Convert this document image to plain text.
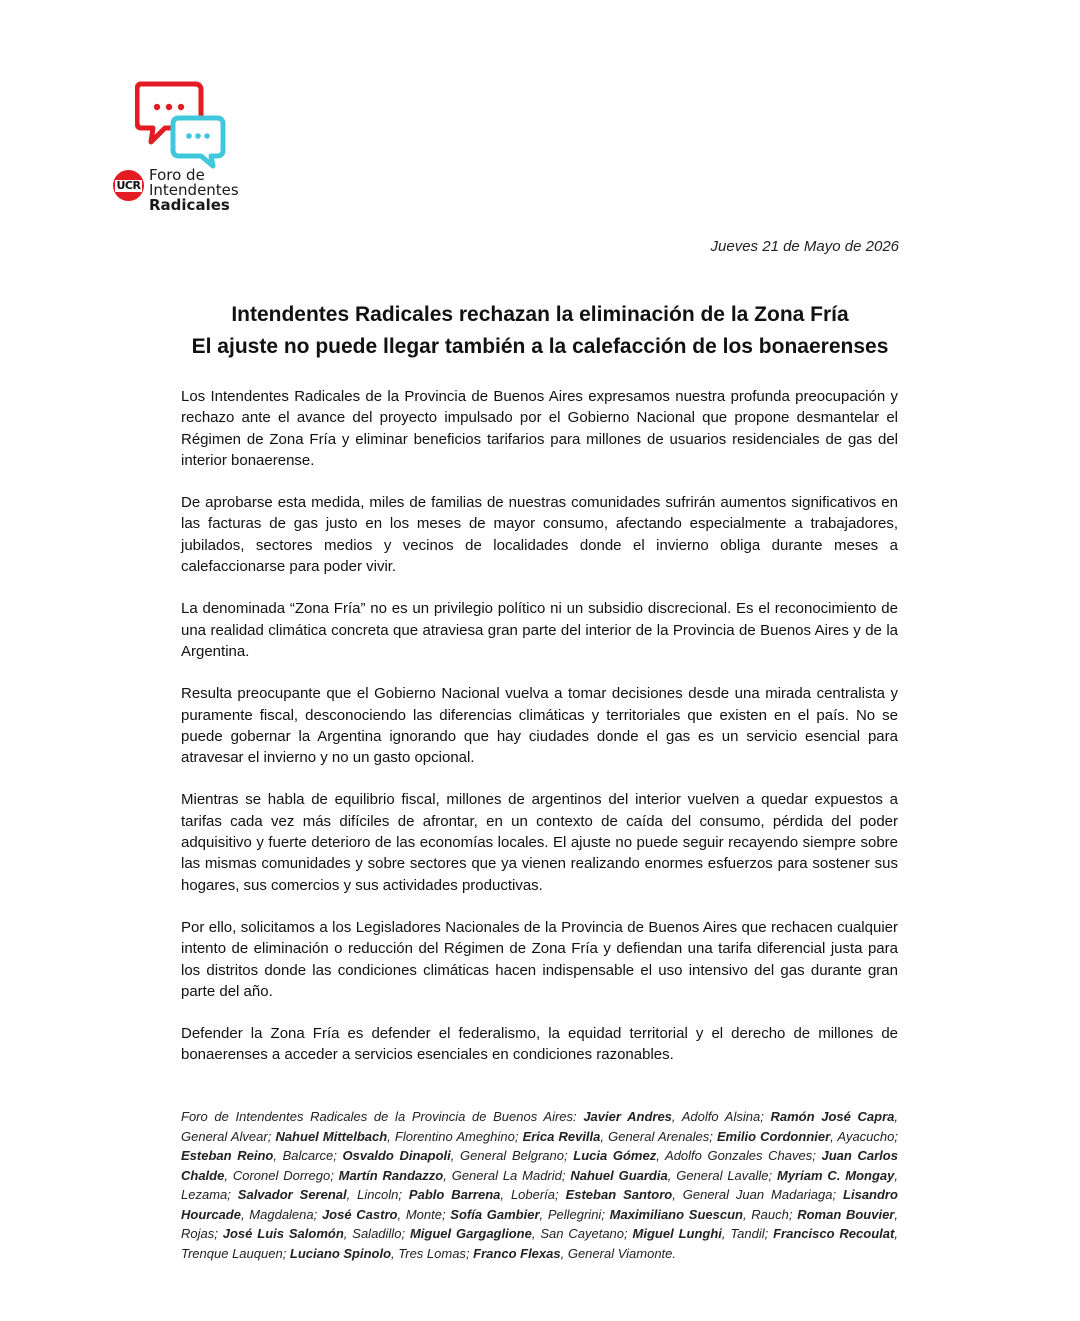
UCR
Foro de
Intendentes
Radicales
Jueves 21 de Mayo de 2026
Intendentes Radicales rechazan la eliminación de la Zona Fría
El ajuste no puede llegar también a la calefacción de los bonaerenses

Los Intendentes Radicales de la Provincia de Buenos Aires expresamos nuestra profunda preocupación y rechazo ante el avance del proyecto impulsado por el Gobierno Nacional que propone desmantelar el Régimen de Zona Fría y eliminar beneficios tarifarios para millones de usuarios residenciales de gas del interior bonaerense.

De aprobarse esta medida, miles de familias de nuestras comunidades sufrirán aumentos significativos en las facturas de gas justo en los meses de mayor consumo, afectando especialmente a trabajadores, jubilados, sectores medios y vecinos de localidades donde el invierno obliga durante meses a calefaccionarse para poder vivir.

La denominada “Zona Fría” no es un privilegio político ni un subsidio discrecional. Es el reconocimiento de una realidad climática concreta que atraviesa gran parte del interior de la Provincia de Buenos Aires y de la Argentina.

Resulta preocupante que el Gobierno Nacional vuelva a tomar decisiones desde una mirada centralista y puramente fiscal, desconociendo las diferencias climáticas y territoriales que existen en el país. No se puede gobernar la Argentina ignorando que hay ciudades donde el gas es un servicio esencial para atravesar el invierno y no un gasto opcional.

Mientras se habla de equilibrio fiscal, millones de argentinos del interior vuelven a quedar expuestos a tarifas cada vez más difíciles de afrontar, en un contexto de caída del consumo, pérdida del poder adquisitivo y fuerte deterioro de las economías locales. El ajuste no puede seguir recayendo siempre sobre las mismas comunidades y sobre sectores que ya vienen realizando enormes esfuerzos para sostener sus hogares, sus comercios y sus actividades productivas.

Por ello, solicitamos a los Legisladores Nacionales de la Provincia de Buenos Aires que rechacen cualquier intento de eliminación o reducción del Régimen de Zona Fría y defiendan una tarifa diferencial justa para los distritos donde las condiciones climáticas hacen indispensable el uso intensivo del gas durante gran parte del año.

Defender la Zona Fría es defender el federalismo, la equidad territorial y el derecho de millones de bonaerenses a acceder a servicios esenciales en condiciones razonables.

Foro de Intendentes Radicales de la Provincia de Buenos Aires: Javier Andres, Adolfo Alsina; Ramón José Capra, General Alvear; Nahuel Mittelbach, Florentino Ameghino; Erica Revilla, General Arenales; Emilio Cordonnier, Ayacucho; Esteban Reino, Balcarce; Osvaldo Dinapoli, General Belgrano; Lucia Gómez, Adolfo Gonzales Chaves; Juan Carlos Chalde, Coronel Dorrego; Martín Randazzo, General La Madrid; Nahuel Guardia, General Lavalle; Myriam C. Mongay, Lezama; Salvador Serenal, Lincoln; Pablo Barrena, Lobería; Esteban Santoro, General Juan Madariaga; Lisandro Hourcade, Magdalena; José Castro, Monte; Sofía Gambier, Pellegrini; Maximiliano Suescun, Rauch; Roman Bouvier, Rojas; José Luis Salomón, Saladillo; Miguel Gargaglione, San Cayetano; Miguel Lunghi, Tandil; Francisco Recoulat, Trenque Lauquen; Luciano Spinolo, Tres Lomas; Franco Flexas, General Viamonte.
